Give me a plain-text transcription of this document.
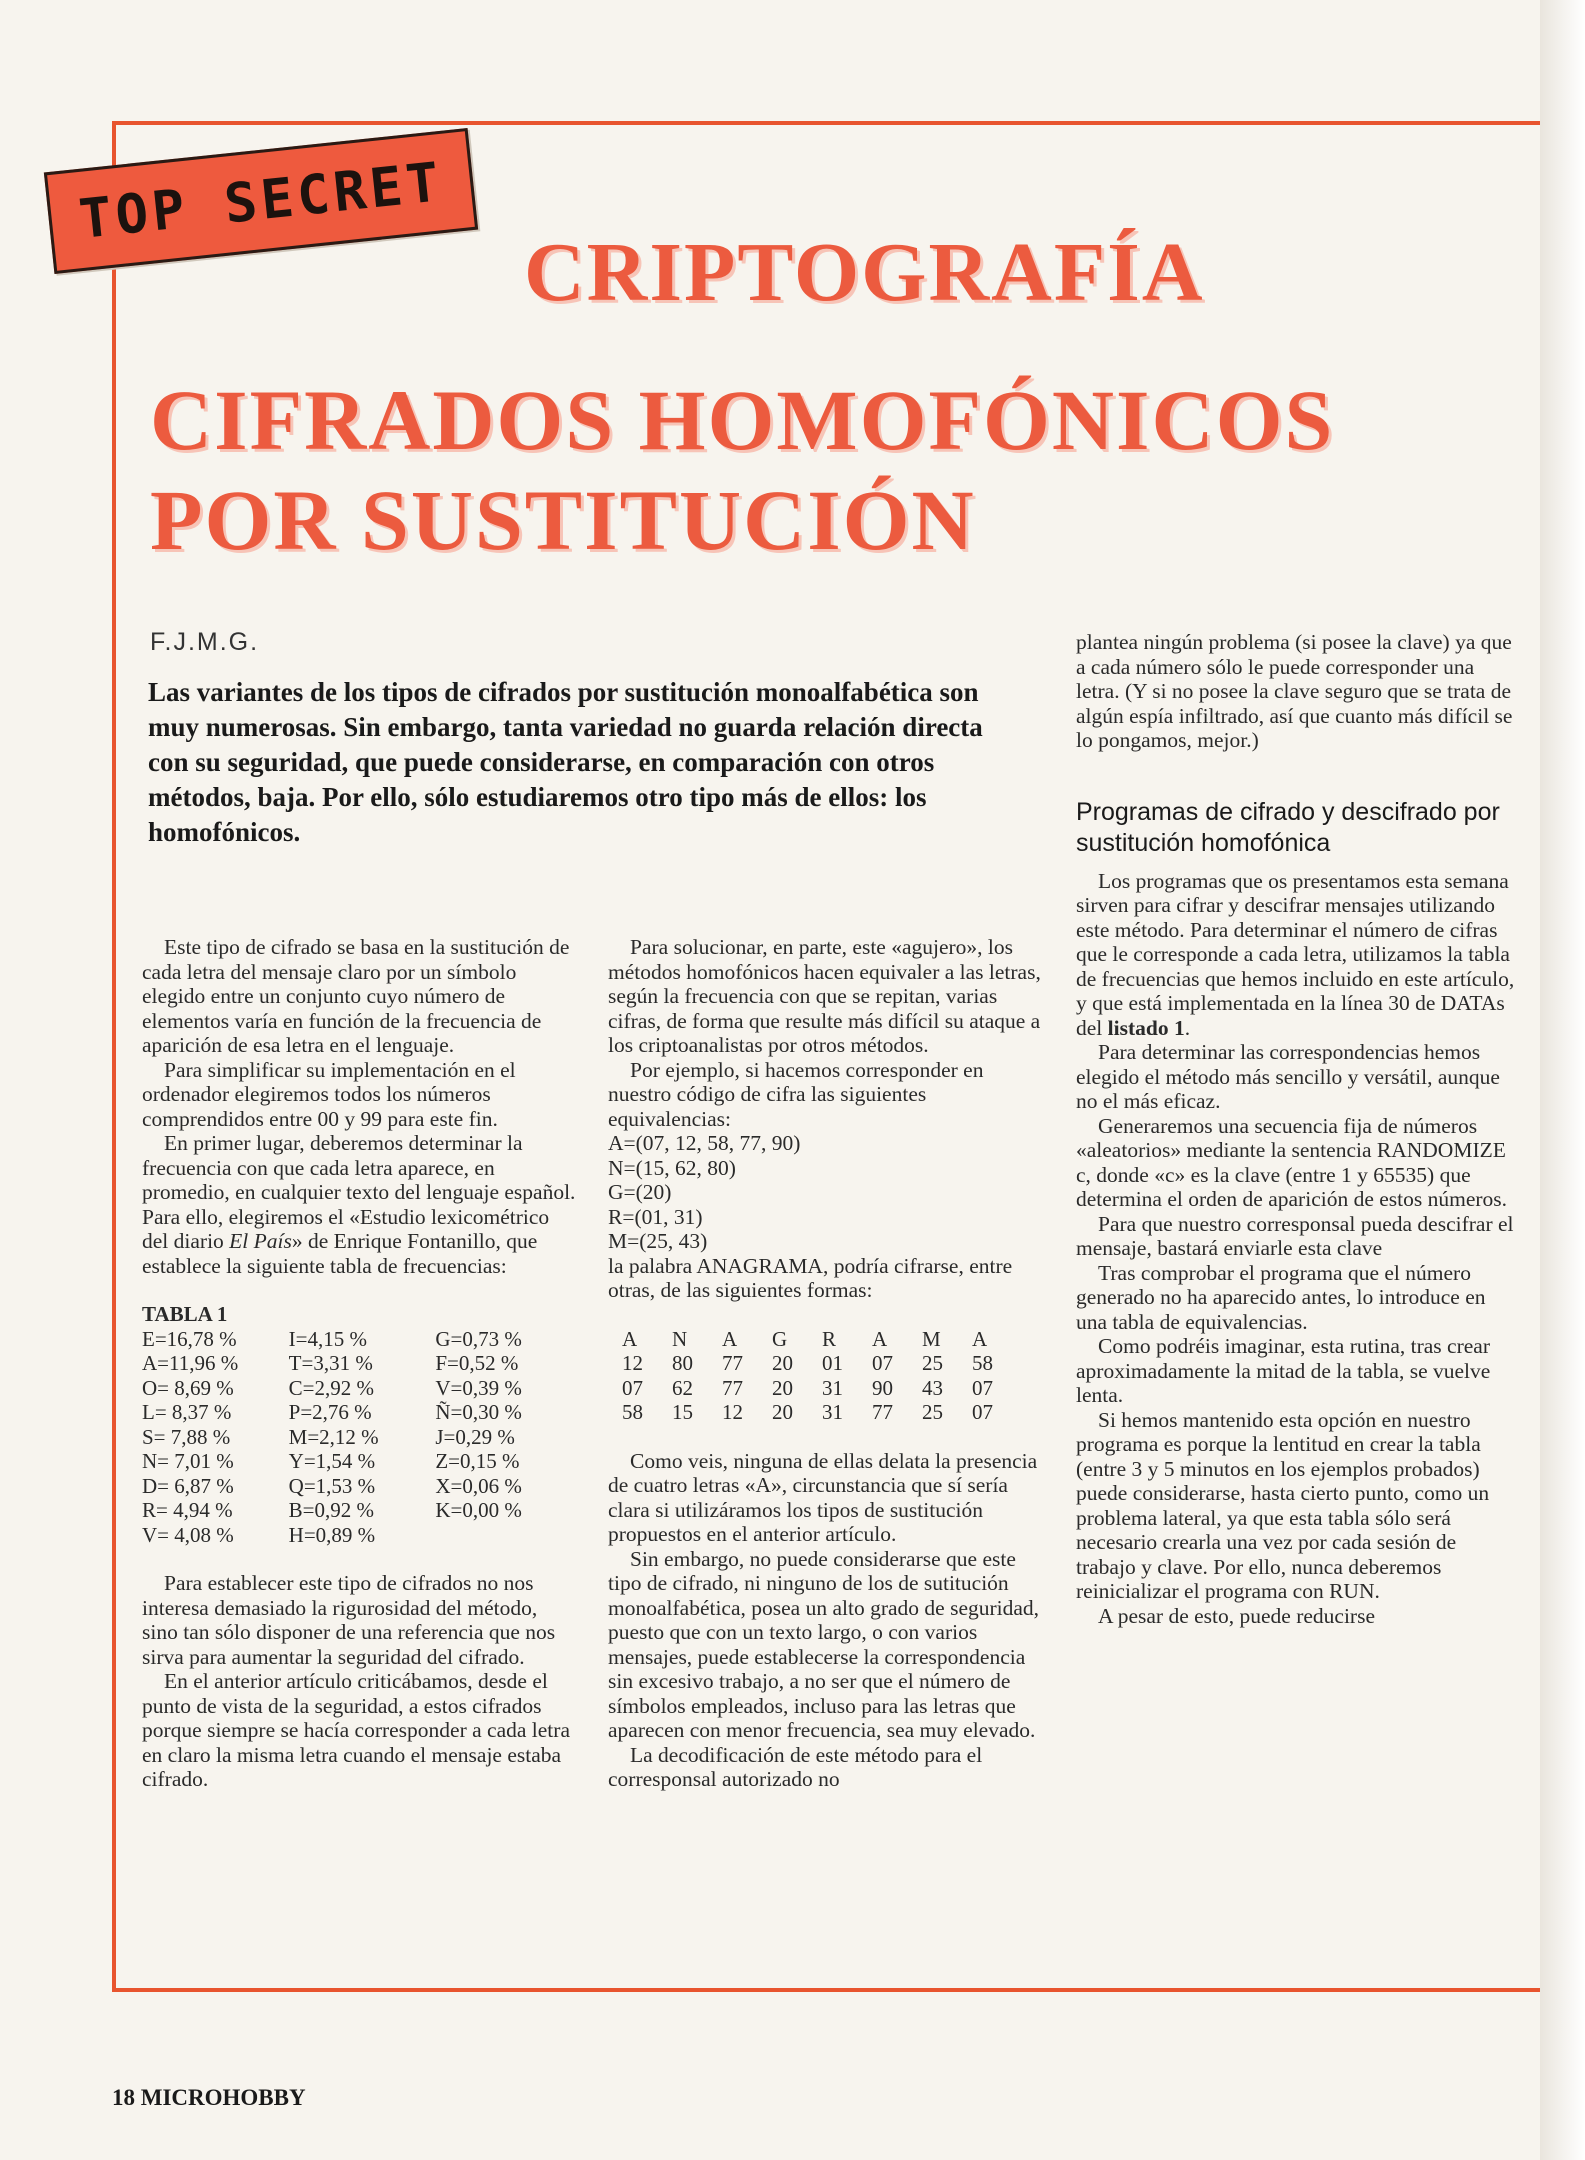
TOP SECRET
CRIPTOGRAFÍA
CIFRADOS HOMOFÓNICOS
POR SUSTITUCIÓN
F.J.M.G.

Las variantes de los tipos de cifrados por sustitución monoalfabética son muy numerosas. Sin embargo, tanta variedad no guarda relación directa con su seguridad, que puede considerarse, en comparación con otros métodos, baja. Por ello, sólo estudiaremos otro tipo más de ellos: los homofónicos.

Este tipo de cifrado se basa en la sustitución de cada letra del mensaje claro por un símbolo elegido entre un conjunto cuyo número de elementos varía en función de la frecuencia de aparición de esa letra en el lenguaje.

Para simplificar su implementación en el ordenador elegiremos todos los números comprendidos entre 00 y 99 para este fin.

En primer lugar, deberemos determinar la frecuencia con que cada letra aparece, en promedio, en cualquier texto del lenguaje español. Para ello, elegiremos el «Estudio lexicométrico del diario El País» de Enrique Fontanillo, que establece la siguiente tabla de frecuencias:

TABLA 1
E=16,78 %	I=4,15 %	G=0,73 %
A=11,96 %	T=3,31 %	F=0,52 %
O= 8,69 %	C=2,92 %	V=0,39 %
L= 8,37 %	P=2,76 %	Ñ=0,30 %
S= 7,88 %	M=2,12 %	J=0,29 %
N= 7,01 %	Y=1,54 %	Z=0,15 %
D= 6,87 %	Q=1,53 %	X=0,06 %
R= 4,94 %	B=0,92 %	K=0,00 %
V= 4,08 %	H=0,89 %	

Para establecer este tipo de cifrados no nos interesa demasiado la rigurosidad del método, sino tan sólo disponer de una referencia que nos sirva para aumentar la seguridad del cifrado.

En el anterior artículo criticábamos, desde el punto de vista de la seguridad, a estos cifrados porque siempre se hacía corresponder a cada letra en claro la misma letra cuando el mensaje estaba cifrado.

Para solucionar, en parte, este «agujero», los métodos homofónicos hacen equivaler a las letras, según la frecuencia con que se repitan, varias cifras, de forma que resulte más difícil su ataque a los criptoanalistas por otros métodos.

Por ejemplo, si hacemos corresponder en nuestro código de cifra las siguientes equivalencias:

A=(07, 12, 58, 77, 90)
N=(15, 62, 80)
G=(20)
R=(01, 31)
M=(25, 43)

la palabra ANAGRAMA, podría cifrarse, entre otras, de las siguientes formas:

A	N	A	G	R	A	M	A
12	80	77	20	01	07	25	58
07	62	77	20	31	90	43	07
58	15	12	20	31	77	25	07

Como veis, ninguna de ellas delata la presencia de cuatro letras «A», circunstancia que sí sería clara si utilizáramos los tipos de sustitución propuestos en el anterior artículo.

Sin embargo, no puede considerarse que este tipo de cifrado, ni ninguno de los de sutitución monoalfabética, posea un alto grado de seguridad, puesto que con un texto largo, o con varios mensajes, puede establecerse la correspondencia sin excesivo trabajo, a no ser que el número de símbolos empleados, incluso para las letras que aparecen con menor frecuencia, sea muy elevado.

La decodificación de este método para el corresponsal autorizado no

plantea ningún problema (si posee la clave) ya que a cada número sólo le puede corresponder una letra. (Y si no posee la clave seguro que se trata de algún espía infiltrado, así que cuanto más difícil se lo pongamos, mejor.)

Programas de cifrado y descifrado por sustitución homofónica

Los programas que os presentamos esta semana sirven para cifrar y descifrar mensajes utilizando este método. Para determinar el número de cifras que le corresponde a cada letra, utilizamos la tabla de frecuencias que hemos incluido en este artículo, y que está implementada en la línea 30 de DATAs del listado 1.

Para determinar las correspondencias hemos elegido el método más sencillo y versátil, aunque no el más eficaz.

Generaremos una secuencia fija de números «aleatorios» mediante la sentencia RANDOMIZE c, donde «c» es la clave (entre 1 y 65535) que determina el orden de aparición de estos números.

Para que nuestro corresponsal pueda descifrar el mensaje, bastará enviarle esta clave

Tras comprobar el programa que el número generado no ha aparecido antes, lo introduce en una tabla de equivalencias.

Como podréis imaginar, esta rutina, tras crear aproximadamente la mitad de la tabla, se vuelve lenta.

Si hemos mantenido esta opción en nuestro programa es porque la lentitud en crear la tabla (entre 3 y 5 minutos en los ejemplos probados) puede considerarse, hasta cierto punto, como un problema lateral, ya que esta tabla sólo será necesario crearla una vez por cada sesión de trabajo y clave. Por ello, nunca deberemos reinicializar el programa con RUN.

A pesar de esto, puede reducirse

18 MICROHOBBY
